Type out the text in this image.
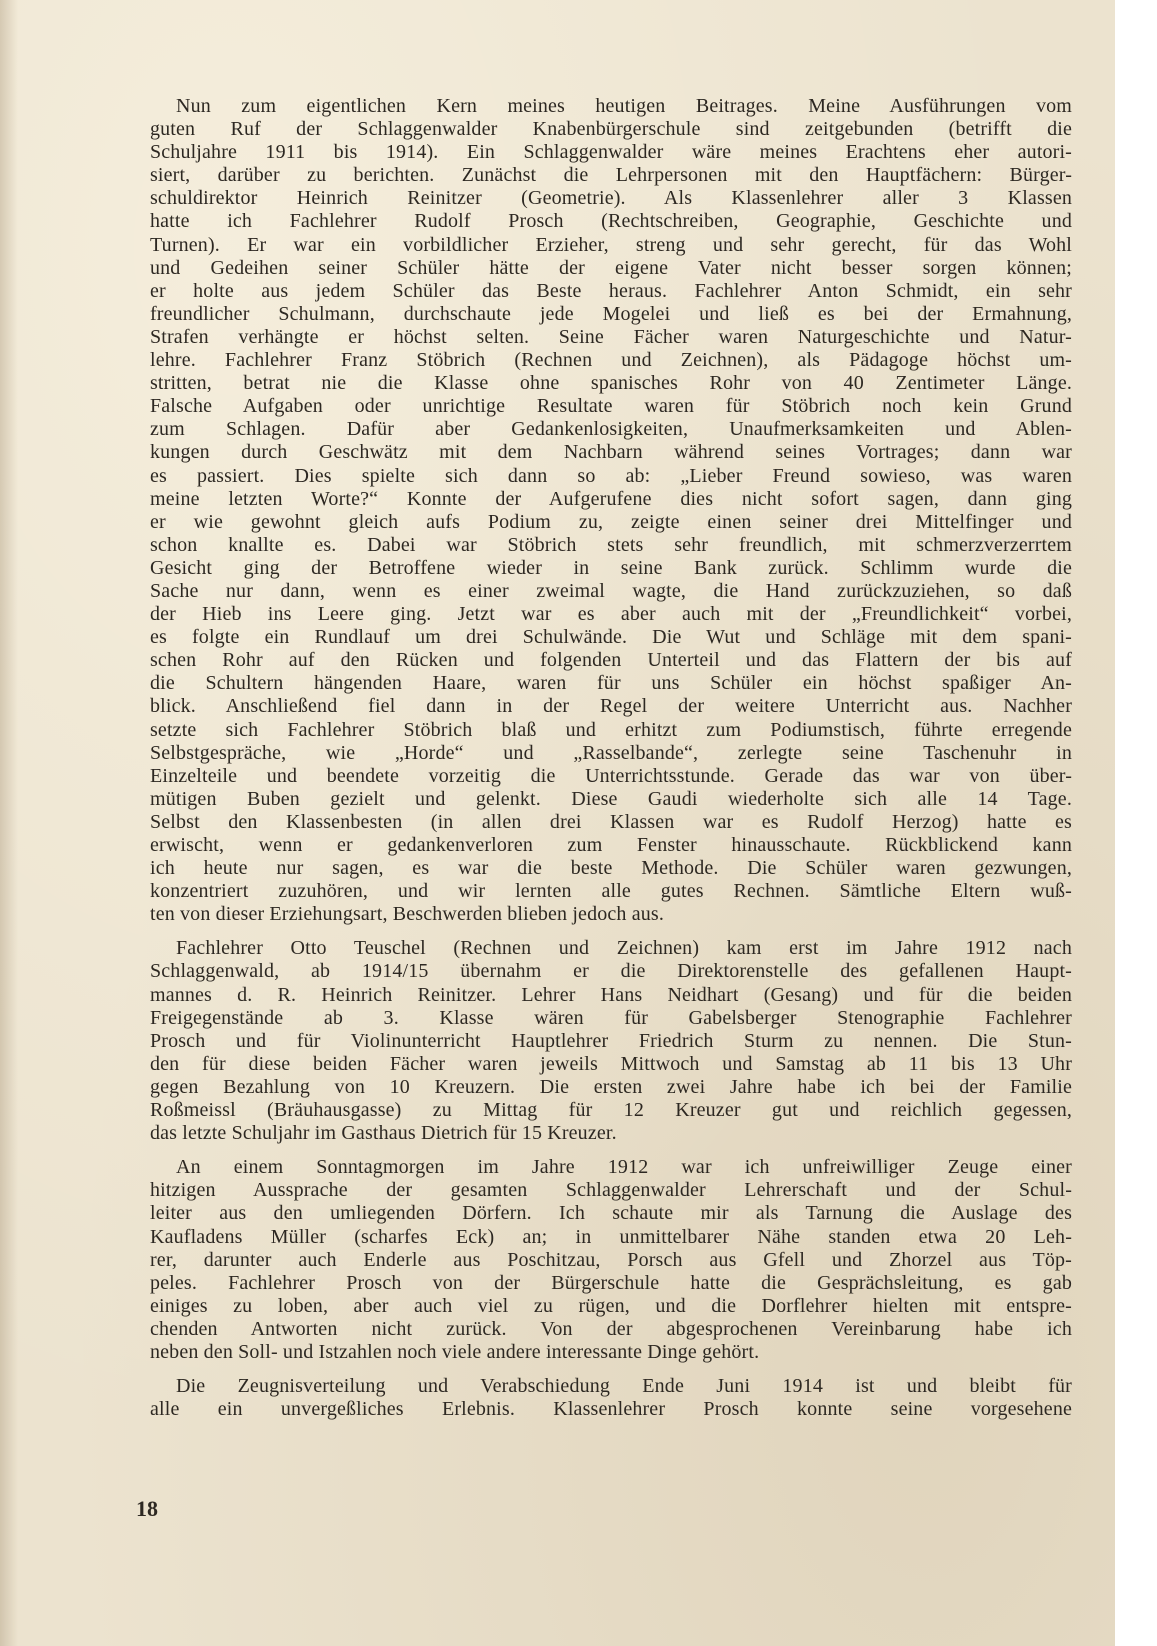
Nun zum eigentlichen Kern meines heutigen Beitrages. Meine Ausführungen vom
guten Ruf der Schlaggenwalder Knabenbürgerschule sind zeitgebunden (betrifft die
Schuljahre 1911 bis 1914). Ein Schlaggenwalder wäre meines Erachtens eher autori-
siert, darüber zu berichten. Zunächst die Lehrpersonen mit den Hauptfächern: Bürger-
schuldirektor Heinrich Reinitzer (Geometrie). Als Klassenlehrer aller 3 Klassen
hatte ich Fachlehrer Rudolf Prosch (Rechtschreiben, Geographie, Geschichte und
Turnen). Er war ein vorbildlicher Erzieher, streng und sehr gerecht, für das Wohl
und Gedeihen seiner Schüler hätte der eigene Vater nicht besser sorgen können;
er holte aus jedem Schüler das Beste heraus. Fachlehrer Anton Schmidt, ein sehr
freundlicher Schulmann, durchschaute jede Mogelei und ließ es bei der Ermahnung,
Strafen verhängte er höchst selten. Seine Fächer waren Naturgeschichte und Natur-
lehre. Fachlehrer Franz Stöbrich (Rechnen und Zeichnen), als Pädagoge höchst um-
stritten, betrat nie die Klasse ohne spanisches Rohr von 40 Zentimeter Länge.
Falsche Aufgaben oder unrichtige Resultate waren für Stöbrich noch kein Grund
zum Schlagen. Dafür aber Gedankenlosigkeiten, Unaufmerksamkeiten und Ablen-
kungen durch Geschwätz mit dem Nachbarn während seines Vortrages; dann war
es passiert. Dies spielte sich dann so ab: „Lieber Freund sowieso, was waren
meine letzten Worte?“ Konnte der Aufgerufene dies nicht sofort sagen, dann ging
er wie gewohnt gleich aufs Podium zu, zeigte einen seiner drei Mittelfinger und
schon knallte es. Dabei war Stöbrich stets sehr freundlich, mit schmerzverzerrtem
Gesicht ging der Betroffene wieder in seine Bank zurück. Schlimm wurde die
Sache nur dann, wenn es einer zweimal wagte, die Hand zurückzuziehen, so daß
der Hieb ins Leere ging. Jetzt war es aber auch mit der „Freundlichkeit“ vorbei,
es folgte ein Rundlauf um drei Schulwände. Die Wut und Schläge mit dem spani-
schen Rohr auf den Rücken und folgenden Unterteil und das Flattern der bis auf
die Schultern hängenden Haare, waren für uns Schüler ein höchst spaßiger An-
blick. Anschließend fiel dann in der Regel der weitere Unterricht aus. Nachher
setzte sich Fachlehrer Stöbrich blaß und erhitzt zum Podiumstisch, führte erregende
Selbstgespräche, wie „Horde“ und „Rasselbande“, zerlegte seine Taschenuhr in
Einzelteile und beendete vorzeitig die Unterrichtsstunde. Gerade das war von über-
mütigen Buben gezielt und gelenkt. Diese Gaudi wiederholte sich alle 14 Tage.
Selbst den Klassenbesten (in allen drei Klassen war es Rudolf Herzog) hatte es
erwischt, wenn er gedankenverloren zum Fenster hinausschaute. Rückblickend kann
ich heute nur sagen, es war die beste Methode. Die Schüler waren gezwungen,
konzentriert zuzuhören, und wir lernten alle gutes Rechnen. Sämtliche Eltern wuß-
ten von dieser Erziehungsart, Beschwerden blieben jedoch aus.
Fachlehrer Otto Teuschel (Rechnen und Zeichnen) kam erst im Jahre 1912 nach
Schlaggenwald, ab 1914/15 übernahm er die Direktorenstelle des gefallenen Haupt-
mannes d. R. Heinrich Reinitzer. Lehrer Hans Neidhart (Gesang) und für die beiden
Freigegenstände ab 3. Klasse wären für Gabelsberger Stenographie Fachlehrer
Prosch und für Violinunterricht Hauptlehrer Friedrich Sturm zu nennen. Die Stun-
den für diese beiden Fächer waren jeweils Mittwoch und Samstag ab 11 bis 13 Uhr
gegen Bezahlung von 10 Kreuzern. Die ersten zwei Jahre habe ich bei der Familie
Roßmeissl (Bräuhausgasse) zu Mittag für 12 Kreuzer gut und reichlich gegessen,
das letzte Schuljahr im Gasthaus Dietrich für 15 Kreuzer.
An einem Sonntagmorgen im Jahre 1912 war ich unfreiwilliger Zeuge einer
hitzigen Aussprache der gesamten Schlaggenwalder Lehrerschaft und der Schul-
leiter aus den umliegenden Dörfern. Ich schaute mir als Tarnung die Auslage des
Kaufladens Müller (scharfes Eck) an; in unmittelbarer Nähe standen etwa 20 Leh-
rer, darunter auch Enderle aus Poschitzau, Porsch aus Gfell und Zhorzel aus Töp-
peles. Fachlehrer Prosch von der Bürgerschule hatte die Gesprächsleitung, es gab
einiges zu loben, aber auch viel zu rügen, und die Dorflehrer hielten mit entspre-
chenden Antworten nicht zurück. Von der abgesprochenen Vereinbarung habe ich
neben den Soll- und Istzahlen noch viele andere interessante Dinge gehört.
Die Zeugnisverteilung und Verabschiedung Ende Juni 1914 ist und bleibt für
alle ein unvergeßliches Erlebnis. Klassenlehrer Prosch konnte seine vorgesehene
18
